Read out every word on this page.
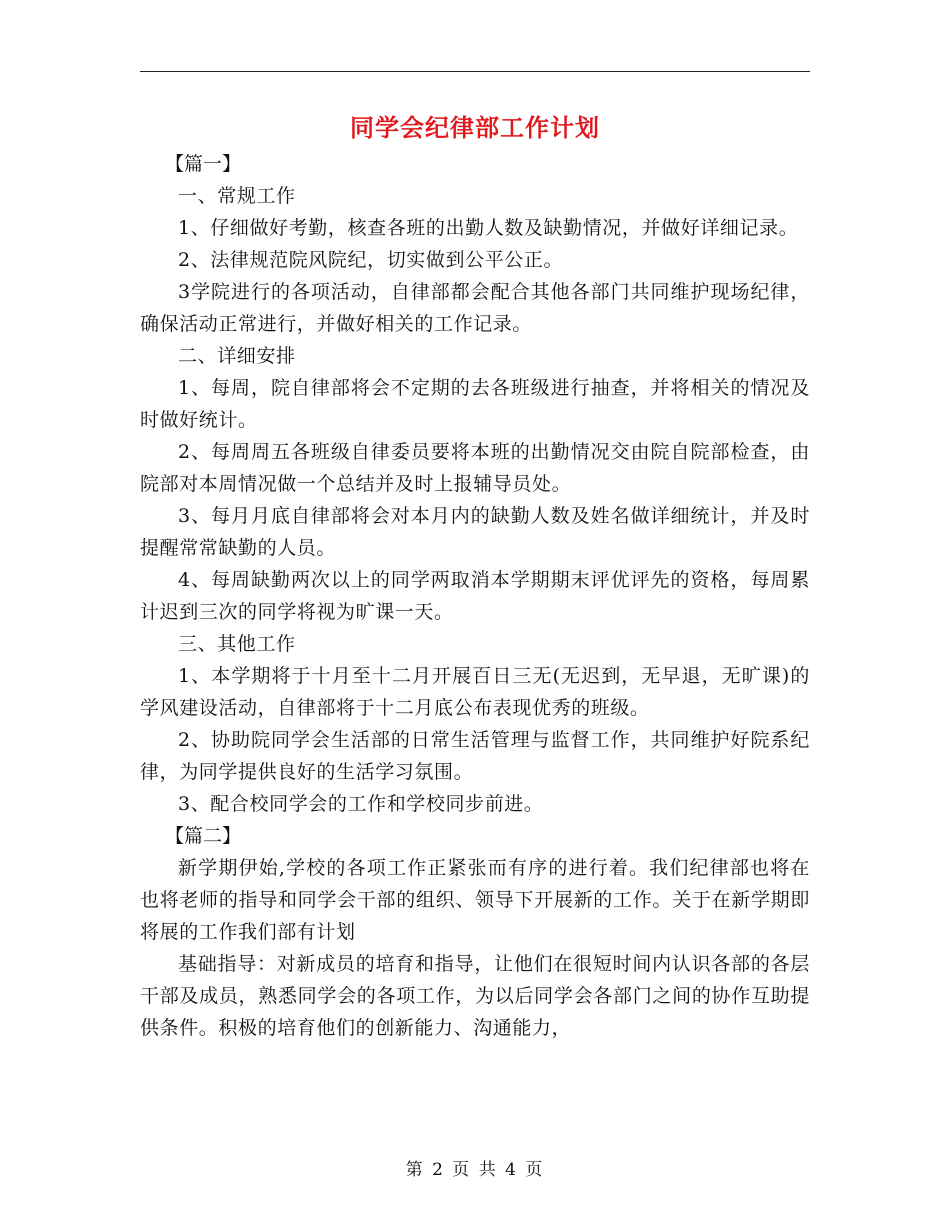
同学会纪律部工作计划

【篇一】

一、常规工作

1、仔细做好考勤，核查各班的出勤人数及缺勤情况，并做好详细记录。

2、法律规范院风院纪，切实做到公平公正。

3学院进行的各项活动，自律部都会配合其他各部门共同维护现场纪律，确保活动正常进行，并做好相关的工作记录。

二、详细安排

1、每周，院自律部将会不定期的去各班级进行抽查，并将相关的情况及时做好统计。

2、每周周五各班级自律委员要将本班的出勤情况交由院自院部检查，由院部对本周情况做一个总结并及时上报辅导员处。

3、每月月底自律部将会对本月内的缺勤人数及姓名做详细统计，并及时提醒常常缺勤的人员。

4、每周缺勤两次以上的同学两取消本学期期末评优评先的资格，每周累计迟到三次的同学将视为旷课一天。

三、其他工作

1、本学期将于十月至十二月开展百日三无(无迟到，无早退，无旷课)的学风建设活动，自律部将于十二月底公布表现优秀的班级。

2、协助院同学会生活部的日常生活管理与监督工作，共同维护好院系纪律，为同学提供良好的生活学习氛围。

3、配合校同学会的工作和学校同步前进。

【篇二】

新学期伊始,学校的各项工作正紧张而有序的进行着。我们纪律部也将在也将老师的指导和同学会干部的组织、领导下开展新的工作。关于在新学期即将展的工作我们部有计划

基础指导：对新成员的培育和指导，让他们在很短时间内认识各部的各层干部及成员，熟悉同学会的各项工作，为以后同学会各部门之间的协作互助提供条件。积极的培育他们的创新能力、沟通能力，

第 2 页 共 4 页
